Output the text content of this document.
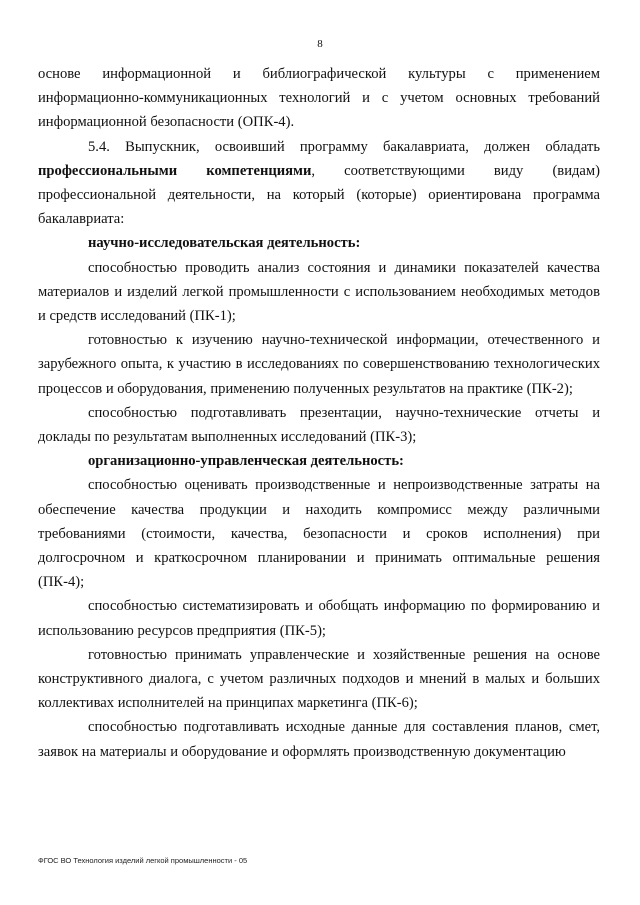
8

основе информационной и библиографической культуры с применением информационно-коммуникационных технологий и с учетом основных требований информационной безопасности (ОПК-4).

5.4. Выпускник, освоивший программу бакалавриата, должен обладать профессиональными компетенциями, соответствующими виду (видам) профессиональной деятельности, на который (которые) ориентирована программа бакалавриата:

научно-исследовательская деятельность:

способностью проводить анализ состояния и динамики показателей качества материалов и изделий легкой промышленности с использованием необходимых методов и средств исследований (ПК-1);

готовностью к изучению научно-технической информации, отечественного и зарубежного опыта, к участию в исследованиях по совершенствованию технологических процессов и оборудования, применению полученных результатов на практике (ПК-2);

способностью подготавливать презентации, научно-технические отчеты и доклады по результатам выполненных исследований (ПК-3);

организационно-управленческая деятельность:

способностью оценивать производственные и непроизводственные затраты на обеспечение качества продукции и находить компромисс между различными требованиями (стоимости, качества, безопасности и сроков исполнения) при долгосрочном и краткосрочном планировании и принимать оптимальные решения (ПК-4);

способностью систематизировать и обобщать информацию по формированию и использованию ресурсов предприятия (ПК-5);

готовностью принимать управленческие и хозяйственные решения на основе конструктивного диалога, с учетом различных подходов и мнений в малых и больших коллективах исполнителей на принципах маркетинга (ПК-6);

способностью подготавливать исходные данные для составления планов, смет, заявок на материалы и оборудование и оформлять производственную документацию

ФГОС ВО Технология изделий легкой промышленности - 05
